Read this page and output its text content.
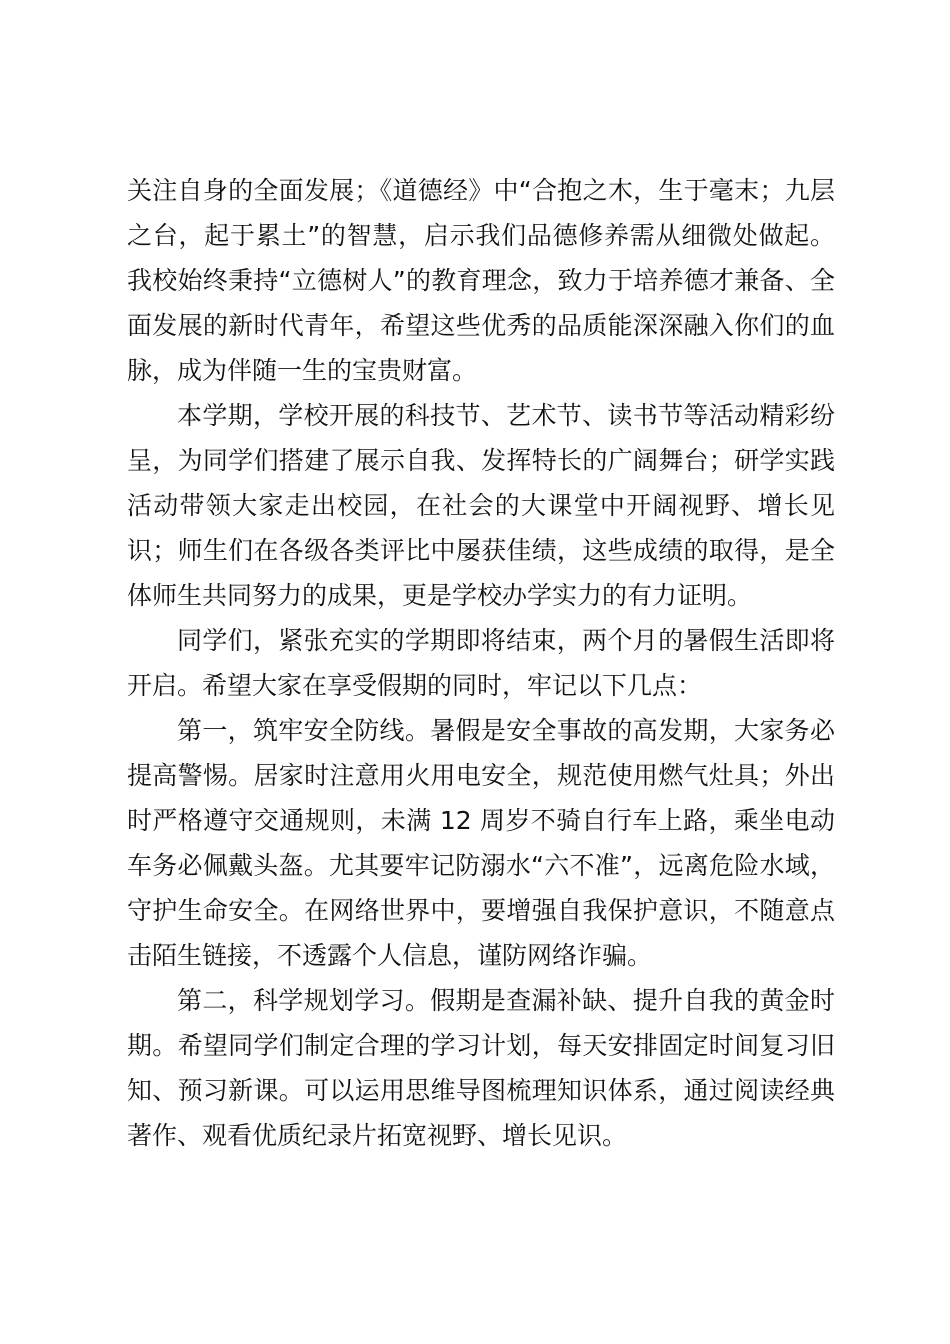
关注自身的全面发展；《道德经》中“合抱之木，生于毫末；九层之台，起于累土”的智慧，启示我们品德修养需从细微处做起。我校始终秉持“立德树人”的教育理念，致力于培养德才兼备、全面发展的新时代青年，希望这些优秀的品质能深深融入你们的血脉，成为伴随一生的宝贵财富。

本学期，学校开展的科技节、艺术节、读书节等活动精彩纷呈，为同学们搭建了展示自我、发挥特长的广阔舞台；研学实践活动带领大家走出校园，在社会的大课堂中开阔视野、增长见识；师生们在各级各类评比中屡获佳绩，这些成绩的取得，是全体师生共同努力的成果，更是学校办学实力的有力证明。

同学们，紧张充实的学期即将结束，两个月的暑假生活即将开启。希望大家在享受假期的同时，牢记以下几点：

第一，筑牢安全防线。暑假是安全事故的高发期，大家务必提高警惕。居家时注意用火用电安全，规范使用燃气灶具；外出时严格遵守交通规则，未满 12 周岁不骑自行车上路，乘坐电动车务必佩戴头盔。尤其要牢记防溺水“六不准”，远离危险水域，守护生命安全。在网络世界中，要增强自我保护意识，不随意点击陌生链接，不透露个人信息，谨防网络诈骗。

第二，科学规划学习。假期是查漏补缺、提升自我的黄金时期。希望同学们制定合理的学习计划，每天安排固定时间复习旧知、预习新课。可以运用思维导图梳理知识体系，通过阅读经典著作、观看优质纪录片拓宽视野、增长见识。
